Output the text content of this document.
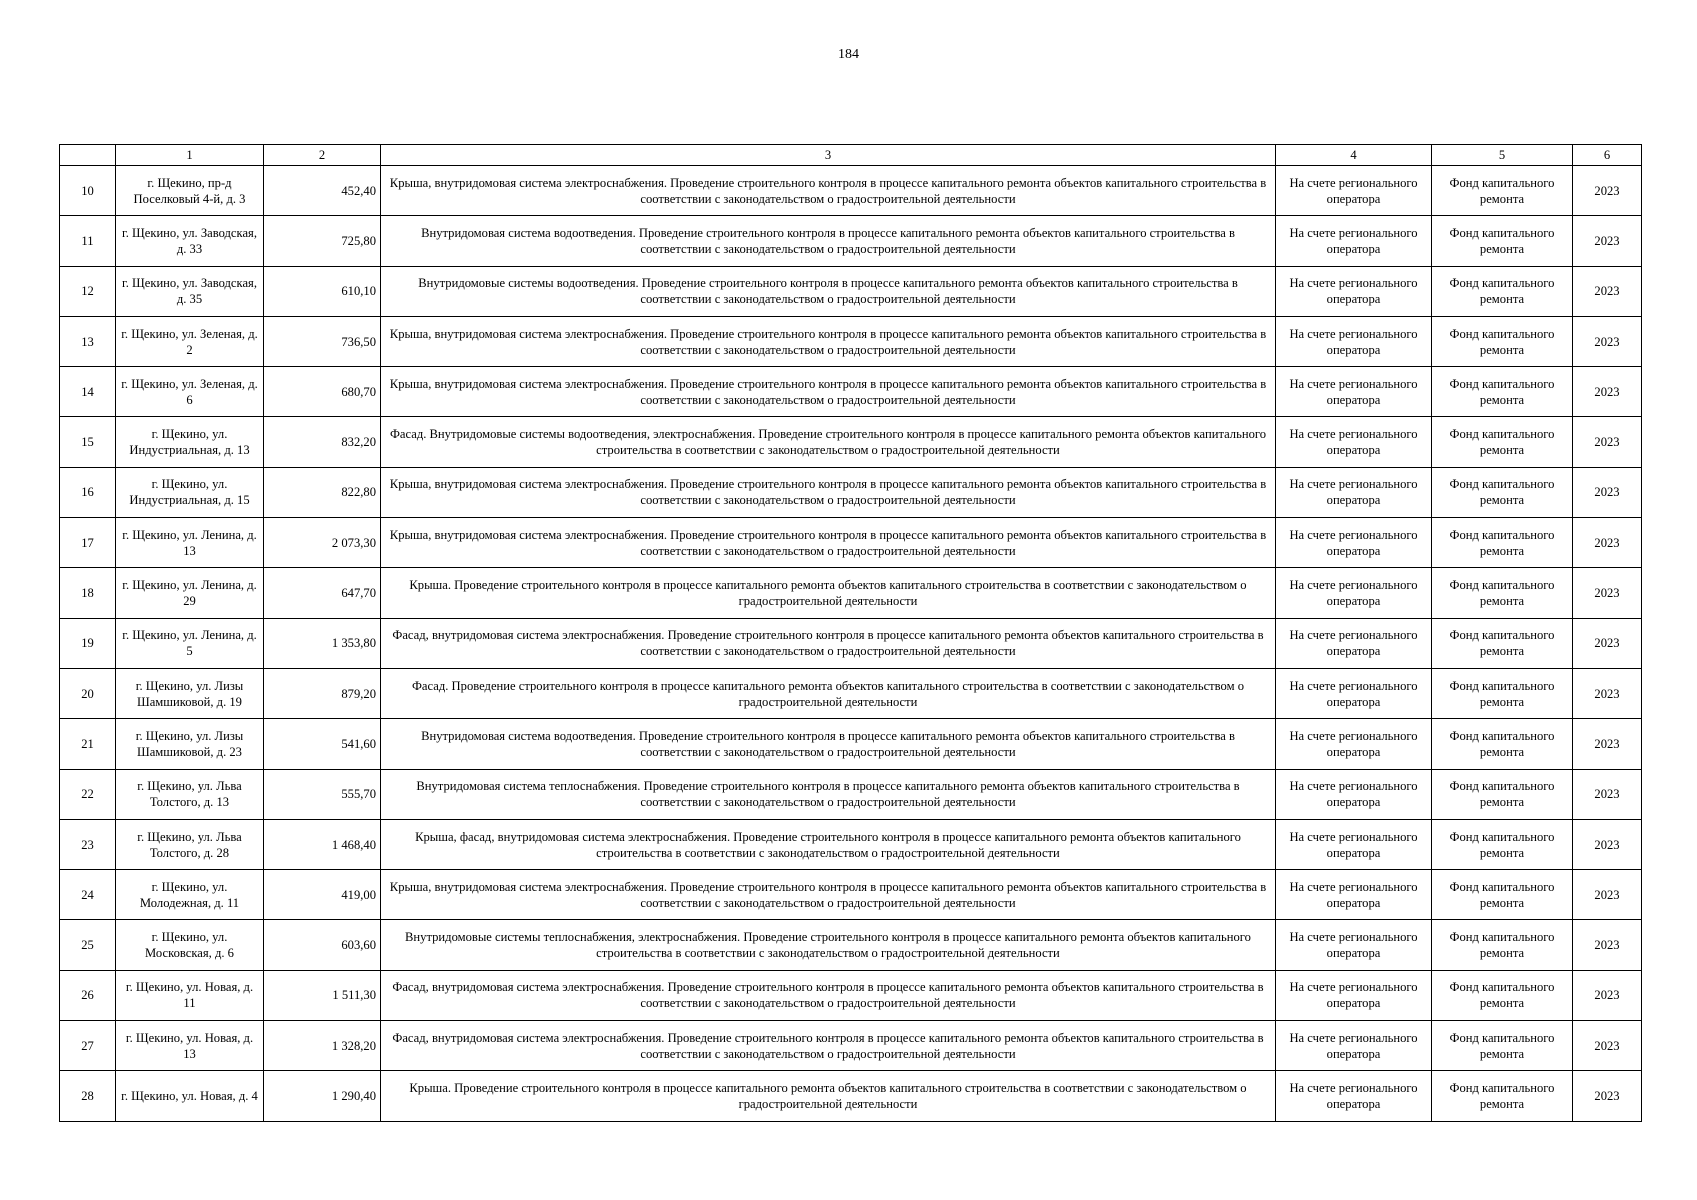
184
	1	2	3	4	5	6
10	г. Щекино, пр-д Поселковый 4-й, д. 3	452,40	Крыша, внутридомовая система электроснабжения. Проведение строительного контроля в процессе капитального ремонта объектов капитального строительства в соответствии с законодательством о градостроительной деятельности	На счете регионального оператора	Фонд капитального ремонта	2023
11	г. Щекино, ул. Заводская, д. 33	725,80	Внутридомовая система водоотведения. Проведение строительного контроля в процессе капитального ремонта объектов капитального строительства в соответствии с законодательством о градостроительной деятельности	На счете регионального оператора	Фонд капитального ремонта	2023
12	г. Щекино, ул. Заводская, д. 35	610,10	Внутридомовые системы водоотведения. Проведение строительного контроля в процессе капитального ремонта объектов капитального строительства в соответствии с законодательством о градостроительной деятельности	На счете регионального оператора	Фонд капитального ремонта	2023
13	г. Щекино, ул. Зеленая, д. 2	736,50	Крыша, внутридомовая система электроснабжения. Проведение строительного контроля в процессе капитального ремонта объектов капитального строительства в соответствии с законодательством о градостроительной деятельности	На счете регионального оператора	Фонд капитального ремонта	2023
14	г. Щекино, ул. Зеленая, д. 6	680,70	Крыша, внутридомовая система электроснабжения. Проведение строительного контроля в процессе капитального ремонта объектов капитального строительства в соответствии с законодательством о градостроительной деятельности	На счете регионального оператора	Фонд капитального ремонта	2023
15	г. Щекино, ул. Индустриальная, д. 13	832,20	Фасад. Внутридомовые системы водоотведения, электроснабжения. Проведение строительного контроля в процессе капитального ремонта объектов капитального строительства в соответствии с законодательством о градостроительной деятельности	На счете регионального оператора	Фонд капитального ремонта	2023
16	г. Щекино, ул. Индустриальная, д. 15	822,80	Крыша, внутридомовая система электроснабжения. Проведение строительного контроля в процессе капитального ремонта объектов капитального строительства в соответствии с законодательством о градостроительной деятельности	На счете регионального оператора	Фонд капитального ремонта	2023
17	г. Щекино, ул. Ленина, д. 13	2 073,30	Крыша, внутридомовая система электроснабжения. Проведение строительного контроля в процессе капитального ремонта объектов капитального строительства в соответствии с законодательством о градостроительной деятельности	На счете регионального оператора	Фонд капитального ремонта	2023
18	г. Щекино, ул. Ленина, д. 29	647,70	Крыша. Проведение строительного контроля в процессе капитального ремонта объектов капитального строительства в соответствии с законодательством о градостроительной деятельности	На счете регионального оператора	Фонд капитального ремонта	2023
19	г. Щекино, ул. Ленина, д. 5	1 353,80	Фасад, внутридомовая система электроснабжения. Проведение строительного контроля в процессе капитального ремонта объектов капитального строительства в соответствии с законодательством о градостроительной деятельности	На счете регионального оператора	Фонд капитального ремонта	2023
20	г. Щекино, ул. Лизы Шамшиковой, д. 19	879,20	Фасад. Проведение строительного контроля в процессе капитального ремонта объектов капитального строительства в соответствии с законодательством о градостроительной деятельности	На счете регионального оператора	Фонд капитального ремонта	2023
21	г. Щекино, ул. Лизы Шамшиковой, д. 23	541,60	Внутридомовая система водоотведения. Проведение строительного контроля в процессе капитального ремонта объектов капитального строительства в соответствии с законодательством о градостроительной деятельности	На счете регионального оператора	Фонд капитального ремонта	2023
22	г. Щекино, ул. Льва Толстого, д. 13	555,70	Внутридомовая система теплоснабжения. Проведение строительного контроля в процессе капитального ремонта объектов капитального строительства в соответствии с законодательством о градостроительной деятельности	На счете регионального оператора	Фонд капитального ремонта	2023
23	г. Щекино, ул. Льва Толстого, д. 28	1 468,40	Крыша, фасад, внутридомовая система электроснабжения. Проведение строительного контроля в процессе капитального ремонта объектов капитального строительства в соответствии с законодательством о градостроительной деятельности	На счете регионального оператора	Фонд капитального ремонта	2023
24	г. Щекино, ул. Молодежная, д. 11	419,00	Крыша, внутридомовая система электроснабжения. Проведение строительного контроля в процессе капитального ремонта объектов капитального строительства в соответствии с законодательством о градостроительной деятельности	На счете регионального оператора	Фонд капитального ремонта	2023
25	г. Щекино, ул. Московская, д. 6	603,60	Внутридомовые системы теплоснабжения, электроснабжения. Проведение строительного контроля в процессе капитального ремонта объектов капитального строительства в соответствии с законодательством о градостроительной деятельности	На счете регионального оператора	Фонд капитального ремонта	2023
26	г. Щекино, ул. Новая, д. 11	1 511,30	Фасад, внутридомовая система электроснабжения. Проведение строительного контроля в процессе капитального ремонта объектов капитального строительства в соответствии с законодательством о градостроительной деятельности	На счете регионального оператора	Фонд капитального ремонта	2023
27	г. Щекино, ул. Новая, д. 13	1 328,20	Фасад, внутридомовая система электроснабжения. Проведение строительного контроля в процессе капитального ремонта объектов капитального строительства в соответствии с законодательством о градостроительной деятельности	На счете регионального оператора	Фонд капитального ремонта	2023
28	г. Щекино, ул. Новая, д. 4	1 290,40	Крыша. Проведение строительного контроля в процессе капитального ремонта объектов капитального строительства в соответствии с законодательством о градостроительной деятельности	На счете регионального оператора	Фонд капитального ремонта	2023
